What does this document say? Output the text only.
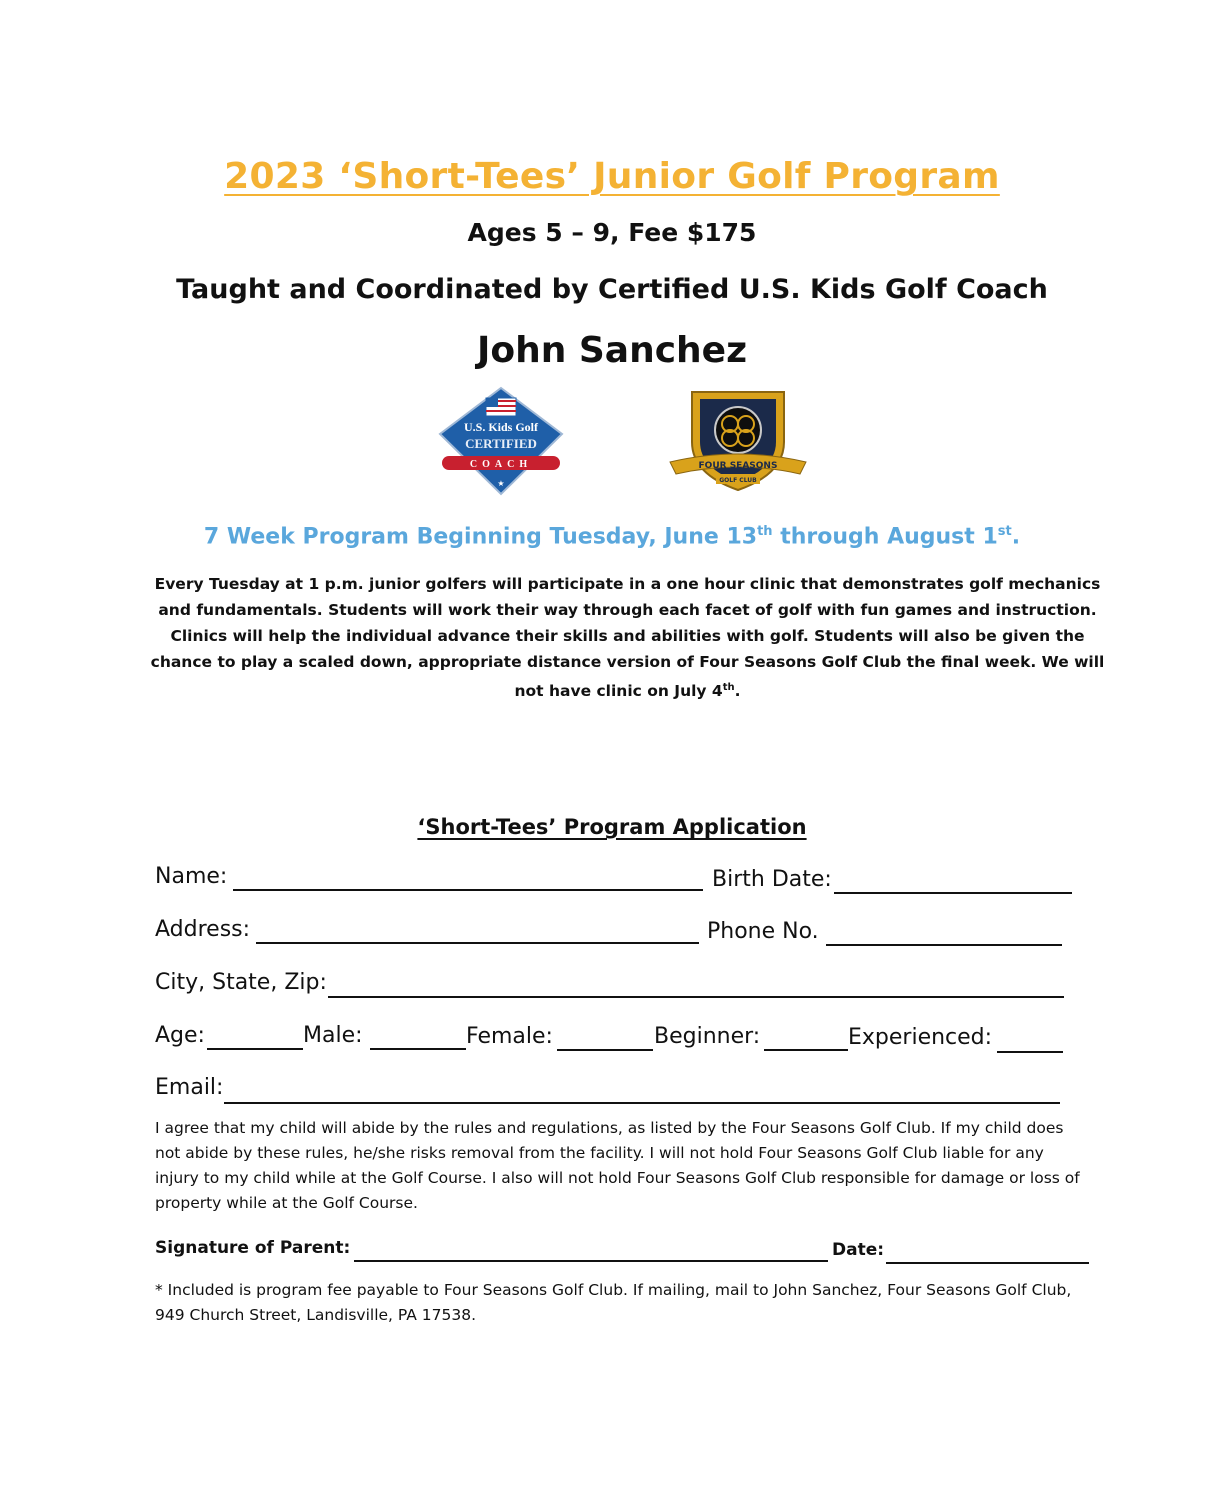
2023 ‘Short-Tees’ Junior Golf Program
Ages 5 – 9, Fee $175
Taught and Coordinated by Certified U.S. Kids Golf Coach
John Sanchez
U.S. Kids Golf
CERTIFIED
COACH
★
FOUR SEASONS
GOLF CLUB
7 Week Program Beginning Tuesday, June 13th through August 1st.
Every Tuesday at 1 p.m. junior golfers will participate in a one hour clinic that demonstrates golf mechanics and fundamentals. Students will work their way through each facet of golf with fun games and instruction. Clinics will help the individual advance their skills and abilities with golf. Students will also be given the chance to play a scaled down, appropriate distance version of Four Seasons Golf Club the final week. We will not have clinic on July 4th.
‘Short-Tees’ Program Application
Name:	Birth Date:
Address:	Phone No.
City, State, Zip:
Age:	Male:	Female:	Beginner:	Experienced:
Email:
I agree that my child will abide by the rules and regulations, as listed by the Four Seasons Golf Club. If my child does not abide by these rules, he/she risks removal from the facility. I will not hold Four Seasons Golf Club liable for any injury to my child while at the Golf Course. I also will not hold Four Seasons Golf Club responsible for damage or loss of property while at the Golf Course.
Signature of Parent:	Date:
* Included is program fee payable to Four Seasons Golf Club. If mailing, mail to John Sanchez, Four Seasons Golf Club, 949 Church Street, Landisville, PA 17538.
